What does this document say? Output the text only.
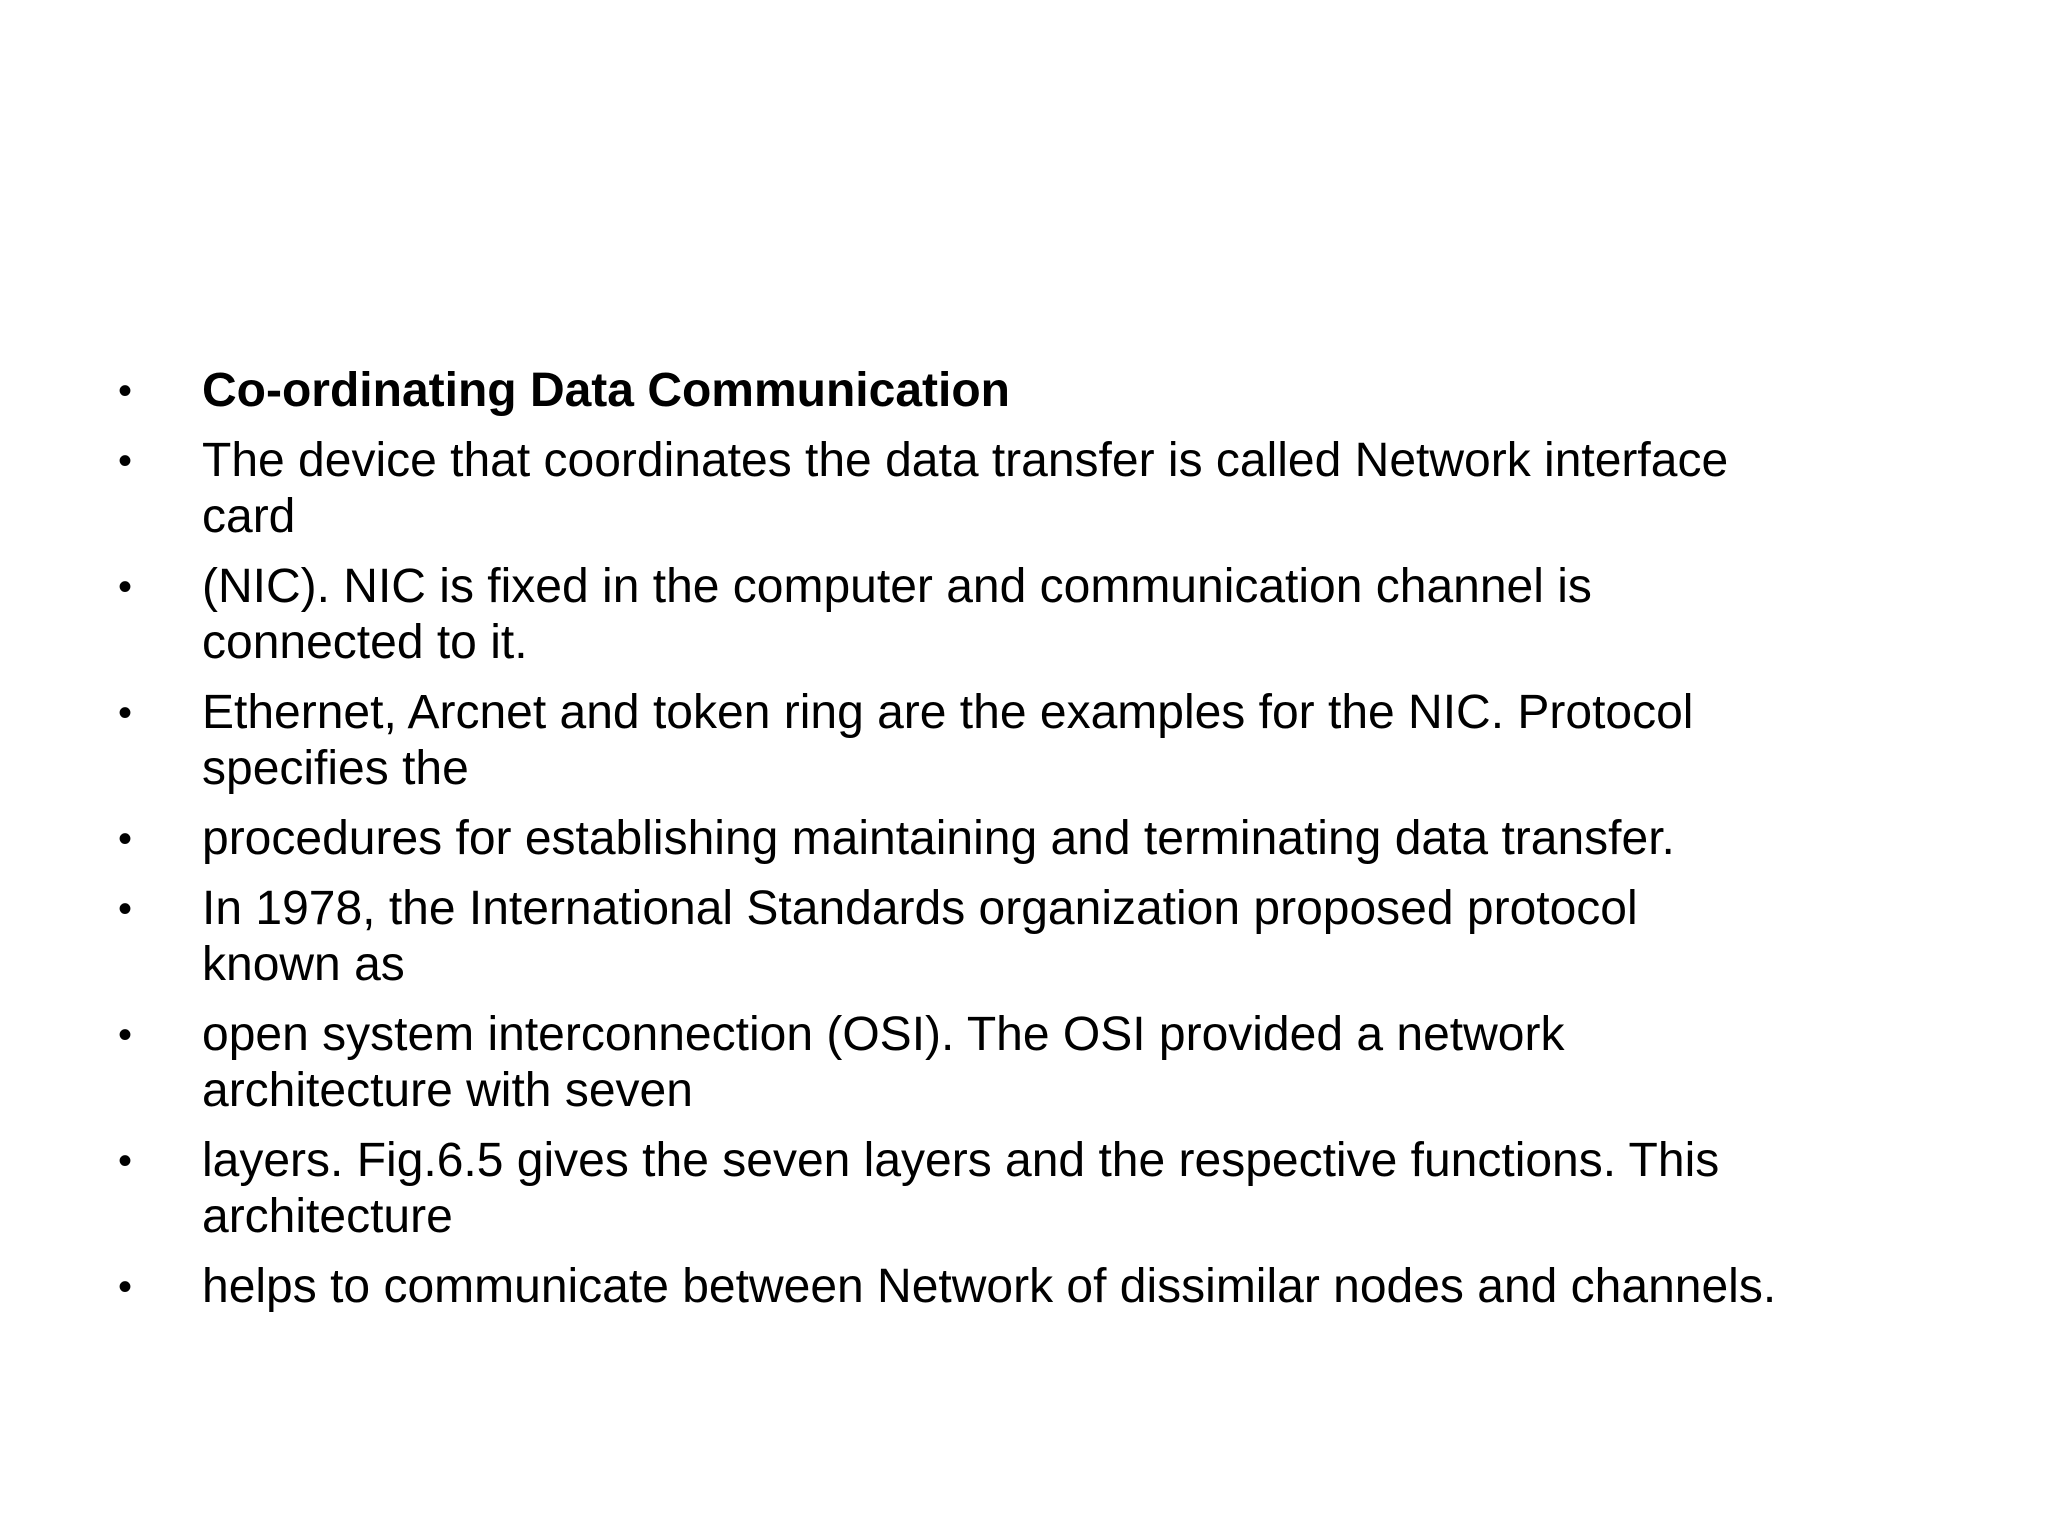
•	Co-ordinating Data Communication
•	The device that coordinates the data transfer is called Network interface
card
•	(NIC). NIC is fixed in the computer and communication channel is
connected to it.
•	Ethernet, Arcnet and token ring are the examples for the NIC. Protocol
specifies the
•	procedures for establishing maintaining and terminating data transfer.
•	In 1978, the International Standards organization proposed protocol
known as
•	open system interconnection (OSI). The OSI provided a network
architecture with seven
•	layers. Fig.6.5 gives the seven layers and the respective functions. This
architecture
•	helps to communicate between Network of dissimilar nodes and channels.
